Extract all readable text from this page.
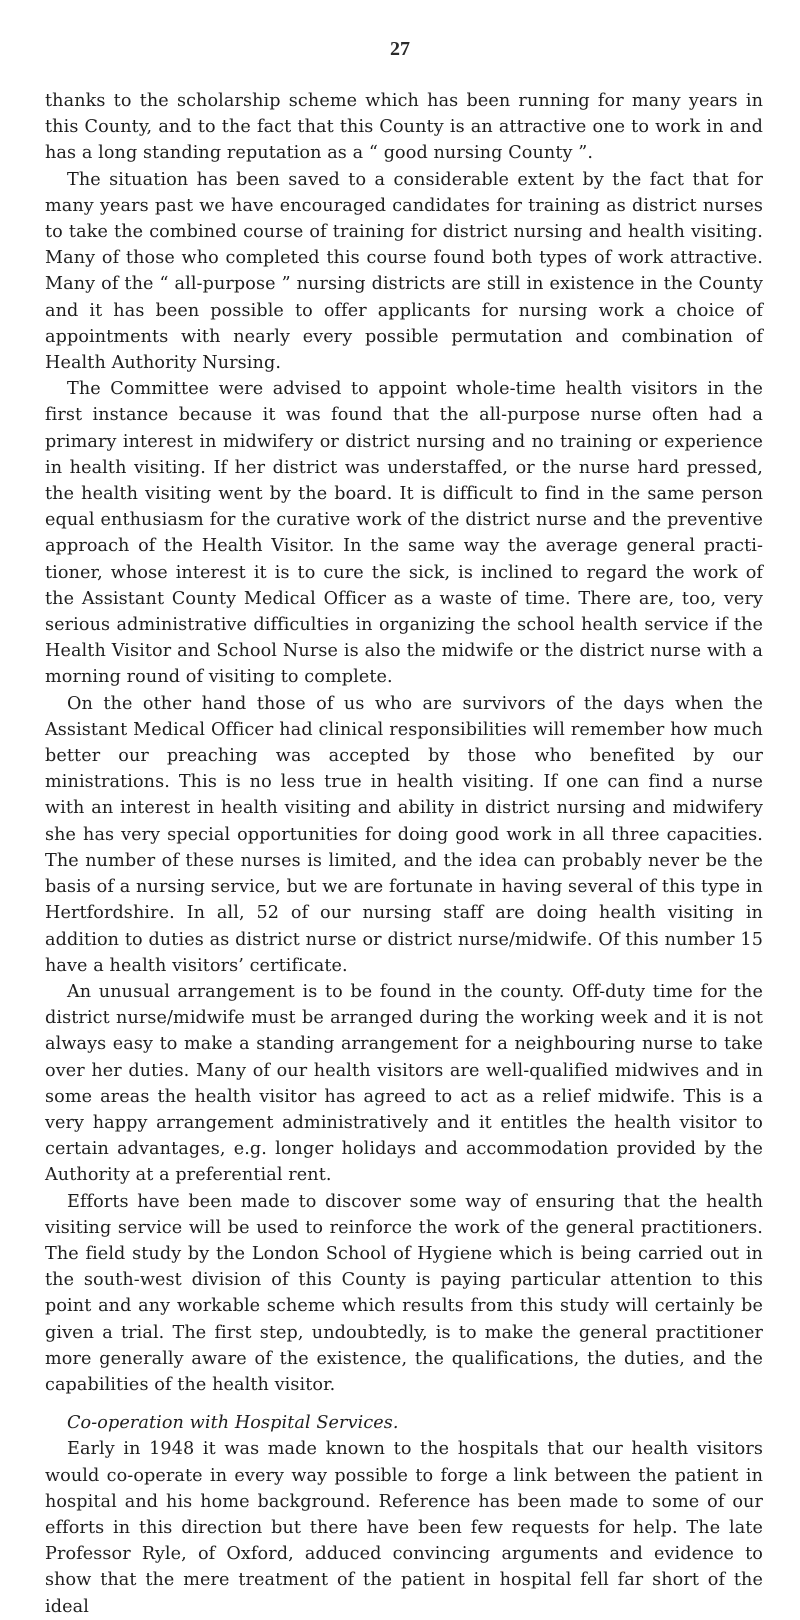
27

thanks to the scholarship scheme which has been running for many years in this County, and to the fact that this County is an attractive one to work in and has a long standing reputation as a “ good nursing County ”.

The situation has been saved to a considerable extent by the fact that for many years past we have encouraged candidates for training as district nurses to take the combined course of training for district nursing and health visiting. Many of those who completed this course found both types of work attractive. Many of the “ all-purpose ” nursing districts are still in existence in the County and it has been possible to offer applicants for nursing work a choice of appointments with nearly every possible permutation and combination of Health Authority Nursing.

The Committee were advised to appoint whole-time health visitors in the first instance because it was found that the all-purpose nurse often had a primary interest in midwifery or district nursing and no training or experience in health visiting. If her district was understaffed, or the nurse hard pressed, the health visiting went by the board. It is difficult to find in the same person equal enthusiasm for the curative work of the district nurse and the preventive approach of the Health Visitor. In the same way the average general practitioner, whose interest it is to cure the sick, is inclined to regard the work of the Assistant County Medical Officer as a waste of time. There are, too, very serious administrative difficulties in organizing the school health service if the Health Visitor and School Nurse is also the midwife or the district nurse with a morning round of visiting to complete.

On the other hand those of us who are survivors of the days when the Assistant Medical Officer had clinical responsibilities will remember how much better our preaching was accepted by those who benefited by our ministrations. This is no less true in health visiting. If one can find a nurse with an interest in health visiting and ability in district nursing and midwifery she has very special opportunities for doing good work in all three capacities. The number of these nurses is limited, and the idea can probably never be the basis of a nursing service, but we are fortunate in having several of this type in Hertfordshire. In all, 52 of our nursing staff are doing health visiting in addition to duties as district nurse or district nurse/midwife. Of this number 15 have a health visitors’ certificate.

An unusual arrangement is to be found in the county. Off-duty time for the district nurse/midwife must be arranged during the working week and it is not always easy to make a standing arrangement for a neighbouring nurse to take over her duties. Many of our health visitors are well-qualified midwives and in some areas the health visitor has agreed to act as a relief midwife. This is a very happy arrangement administratively and it entitles the health visitor to certain advantages, e.g. longer holidays and accommodation provided by the Authority at a preferential rent.

Efforts have been made to discover some way of ensuring that the health visiting service will be used to reinforce the work of the general practitioners. The field study by the London School of Hygiene which is being carried out in the south-west division of this County is paying particular attention to this point and any workable scheme which results from this study will certainly be given a trial. The first step, undoubtedly, is to make the general practitioner more generally aware of the existence, the qualifications, the duties, and the capabilities of the health visitor.

Co-operation with Hospital Services.

Early in 1948 it was made known to the hospitals that our health visitors would co-operate in every way possible to forge a link between the patient in hospital and his home background. Reference has been made to some of our efforts in this direction but there have been few requests for help. The late Professor Ryle, of Oxford, adduced convincing arguments and evidence to show that the mere treatment of the patient in hospital fell far short of the ideal
